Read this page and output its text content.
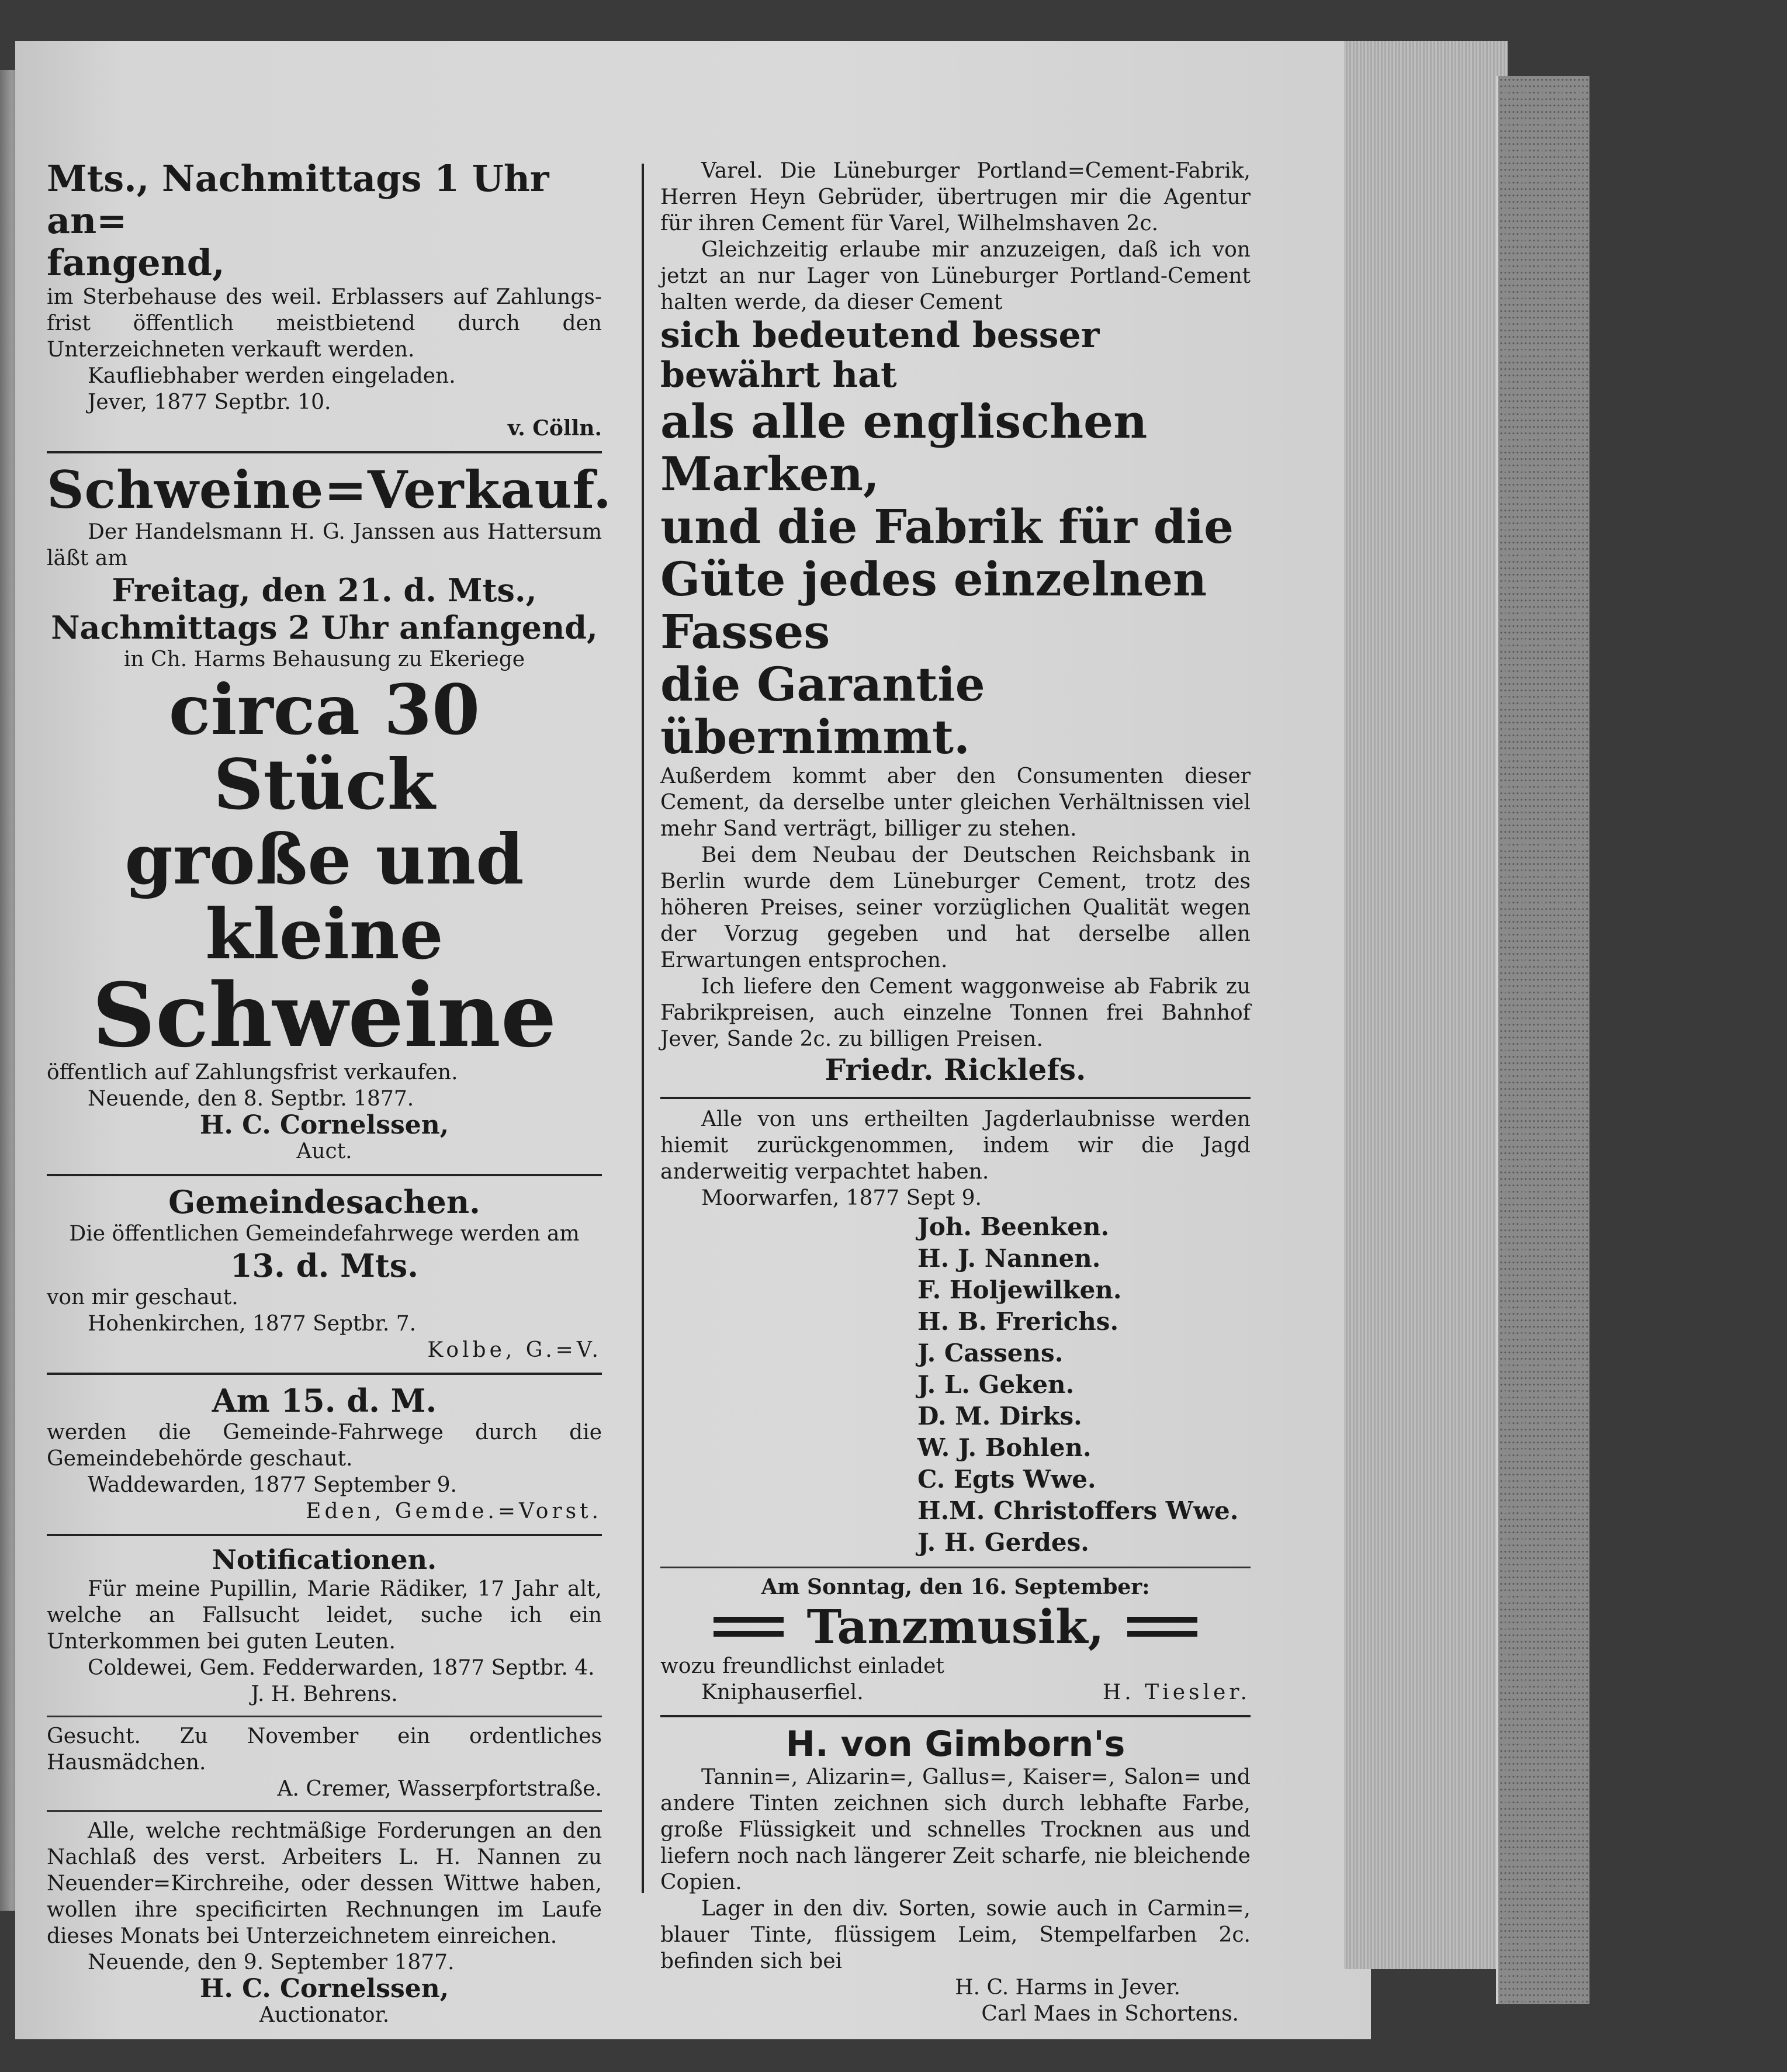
Mts., Nachmittags 1 Uhr an=
fangend,

im Sterbehause des weil. Erblassers auf Zahlungs-frist öffentlich meistbietend durch den Unterzeichneten verkauft werden.

Kaufliebhaber werden eingeladen.

Jever, 1877 Septbr. 10.

v. Cölln.

Schweine=Verkauf.

Der Handelsmann H. G. Janssen aus Hattersum läßt am

Freitag, den 21. d. Mts.,
Nachmittags 2 Uhr anfangend,

in Ch. Harms Behausung zu Ekeriege

circa 30 Stück
große und kleine
Schweine

öffentlich auf Zahlungsfrist verkaufen.

Neuende, den 8. Septbr. 1877.

H. C. Cornelssen,

Auct.

Gemeindesachen.

Die öffentlichen Gemeindefahrwege werden am

13. d. Mts.

von mir geschaut.

Hohenkirchen, 1877 Septbr. 7.

Kolbe, G.=V.

Am 15. d. M.

werden die Gemeinde-Fahrwege durch die Gemeindebehörde geschaut.

Waddewarden, 1877 September 9.

Eden, Gemde.=Vorst.

Notificationen.

Für meine Pupillin, Marie Rädiker, 17 Jahr alt, welche an Fallsucht leidet, suche ich ein Unterkommen bei guten Leuten.

Coldewei, Gem. Fedderwarden, 1877 Septbr. 4.

J. H. Behrens.

Gesucht. Zu November ein ordentliches Hausmädchen.

A. Cremer, Wasserpfortstraße.

Alle, welche rechtmäßige Forderungen an den Nachlaß des verst. Arbeiters L. H. Nannen zu Neuender=Kirchreihe, oder dessen Wittwe haben, wollen ihre specificirten Rechnungen im Laufe dieses Monats bei Unterzeichnetem einreichen.

Neuende, den 9. September 1877.

H. C. Cornelssen,

Auctionator.

Varel. Die Lüneburger Portland=Cement-Fabrik, Herren Heyn Gebrüder, übertrugen mir die Agentur für ihren Cement für Varel, Wilhelmshaven 2c.

Gleichzeitig erlaube mir anzuzeigen, daß ich von jetzt an nur Lager von Lüneburger Portland-Cement halten werde, da dieser Cement

sich bedeutend besser bewährt hat
als alle englischen Marken,
und die Fabrik für die
Güte jedes einzelnen Fasses
die Garantie übernimmt.

Außerdem kommt aber den Consumenten dieser Cement, da derselbe unter gleichen Verhältnissen viel mehr Sand verträgt, billiger zu stehen.

Bei dem Neubau der Deutschen Reichsbank in Berlin wurde dem Lüneburger Cement, trotz des höheren Preises, seiner vorzüglichen Qualität wegen der Vorzug gegeben und hat derselbe allen Erwartungen entsprochen.

Ich liefere den Cement waggonweise ab Fabrik zu Fabrikpreisen, auch einzelne Tonnen frei Bahnhof Jever, Sande 2c. zu billigen Preisen.

Friedr. Ricklefs.

Alle von uns ertheilten Jagderlaubnisse werden hiemit zurückgenommen, indem wir die Jagd anderweitig verpachtet haben.

Moorwarfen, 1877 Sept 9.

Joh. Beenken.
H. J. Nannen.
F. Holjewilken.
H. B. Frerichs.
J. Cassens.
J. L. Geken.
D. M. Dirks.
W. J. Bohlen.
C. Egts Wwe.
H.M. Christoffers Wwe.
J. H. Gerdes.

Am Sonntag, den 16. September:

Tanzmusik,

wozu freundlichst einladet

Kniphauserfiel.	H. Tiesler.
H. von Gimborn's

Tannin=, Alizarin=, Gallus=, Kaiser=, Salon= und andere Tinten zeichnen sich durch lebhafte Farbe, große Flüssigkeit und schnelles Trocknen aus und liefern noch nach längerer Zeit scharfe, nie bleichende Copien.

Lager in den div. Sorten, sowie auch in Carmin=, blauer Tinte, flüssigem Leim, Stempelfarben 2c. befinden sich bei

H. C. Harms in Jever.

Carl Maes in Schortens.
